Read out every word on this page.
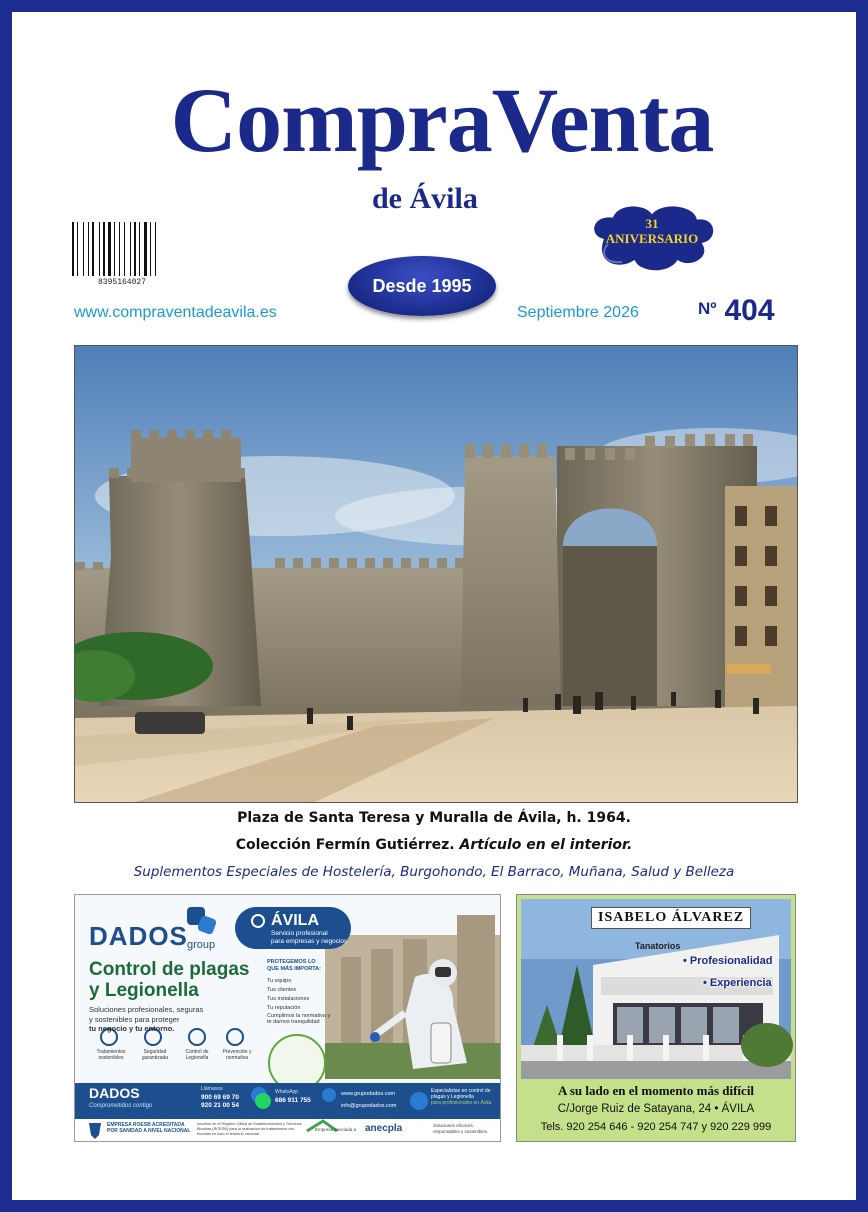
CompraVenta
de Ávila
8395164027
31
ANIVERSARIO
Desde 1995
www.compraventadeavila.es	Septiembre 2026	Nº 404
Plaza de Santa Teresa y Muralla de Ávila, h. 1964.
Colección Fermín Gutiérrez. Artículo en el interior.
Suplementos Especiales de Hostelería, Burgohondo, El Barraco, Muñana, Salud y Belleza
DADOS group
ÁVILA
Servicio profesional
para empresas y negocios
Control de plagas
y Legionella
Soluciones profesionales, seguras
y sostenibles para proteger
tu negocio y tu entorno.
PROTEGEMOS LO QUE MÁS IMPORTA:
Tu equipo
Tus clientes
Tus instalaciones
Tu reputación
Cumplimos la normativa y te damos tranquilidad
Tratamientos sostenibles
Seguridad garantizada
Control de Legionella
Prevención y normativa
DADOS
Comprometidos contigo
Llámanos
900 69 69 70
920 21 00 54
WhatsApp
686 911 755
www.grupodados.com
info@grupodados.com
Especialistas en control de plagas y Legionella
para profesionales en Ávila
EMPRESA ROESB ACREDITADA POR SANIDAD A NIVEL NACIONAL
Inscritos en el Registro Oficial de Establecimientos y Servicios Biocidas (ROESB) para la realización de tratamientos con biocidas en todo el territorio nacional.
Empresa asociada a anecpla	Soluciones eficaces, responsables y sostenibles.
ISABELO ÁLVAREZ
Tanatorios
• Profesionalidad
• Experiencia
A su lado en el momento más difícil
C/Jorge Ruiz de Satayana, 24 • ÁVILA
Tels. 920 254 646 - 920 254 747 y 920 229 999
